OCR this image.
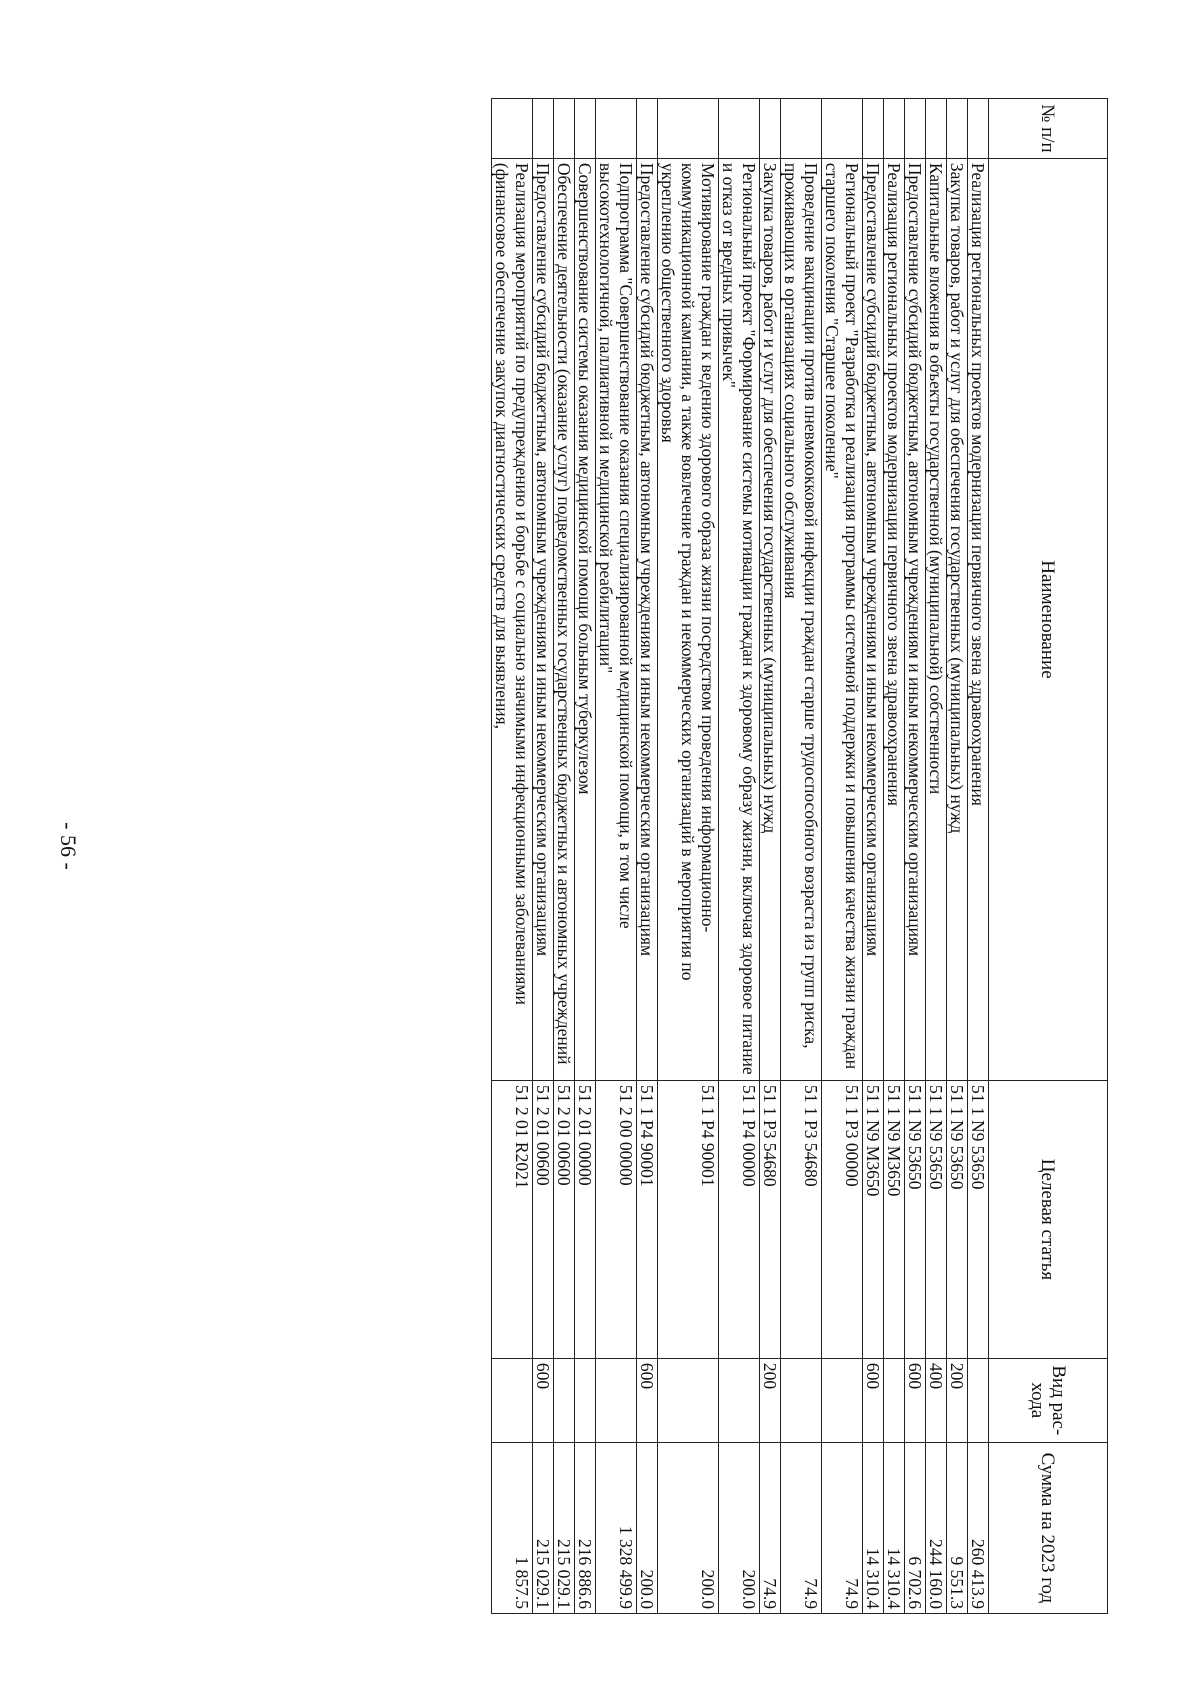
- 56 -
№ п/п	Наименование	Целевая статья	Вид рас-хода	Сумма на 2023 год
	Реализация региональных проектов модернизации первичного звена здравоохранения	51 1 N9 53650		260 413.9
	Закупка товаров, работ и услуг для обеспечения государственных (муниципальных) нужд	51 1 N9 53650	200	9 551.3
	Капитальные вложения в объекты государственной (муниципальной) собственности	51 1 N9 53650	400	244 160.0
	Предоставление субсидий бюджетным, автономным учреждениям и иным некоммерческим организациям	51 1 N9 53650	600	6 702.6
	Реализация региональных проектов модернизации первичного звена здравоохранения	51 1 N9 M3650		14 310.4
	Предоставление субсидий бюджетным, автономным учреждениям и иным некоммерческим организациям	51 1 N9 M3650	600	14 310.4
	Региональный проект "Разработка и реализация программы системной поддержки и повышения качества жизни граждан старшего поколения "Старшее поколение"	51 1 P3 00000		74.9
	Проведение вакцинации против пневмококковой инфекции граждан старше трудоспособного возраста из групп риска, проживающих в организациях социального обслуживания	51 1 P3 54680		74.9
	Закупка товаров, работ и услуг для обеспечения государственных (муниципальных) нужд	51 1 P3 54680	200	74.9
	Региональный проект "Формирование системы мотивации граждан к здоровому образу жизни, включая здоровое питание и отказ от вредных привычек"	51 1 P4 00000		200.0
	Мотивирование граждан к ведению здорового образа жизни посредством проведения информационно-коммуникационной кампании, а также вовлечение граждан и некоммерческих организаций в мероприятия по укреплению общественного здоровья	51 1 P4 90001		200.0
	Предоставление субсидий бюджетным, автономным учреждениям и иным некоммерческим организациям	51 1 P4 90001	600	200.0
	Подпрограмма "Совершенствование оказания специализированной медицинской помощи, в том числе высокотехнологичной, паллиативной и медицинской реабилитации"	51 2 00 00000		1 328 499.9
	Совершенствование системы оказания медицинской помощи больным туберкулезом	51 2 01 00000		216 886.6
	Обеспечение деятельности (оказание услуг) подведомственных государственных бюджетных и автономных учреждений	51 2 01 00600		215 029.1
	Предоставление субсидий бюджетным, автономным учреждениям и иным некоммерческим организациям	51 2 01 00600	600	215 029.1
	Реализация мероприятий по предупреждению и борьбе с социально значимыми инфекционными заболеваниями (финансовое обеспечение закупок диагностических средств для выявления,	51 2 01 R2021		1 857.5
